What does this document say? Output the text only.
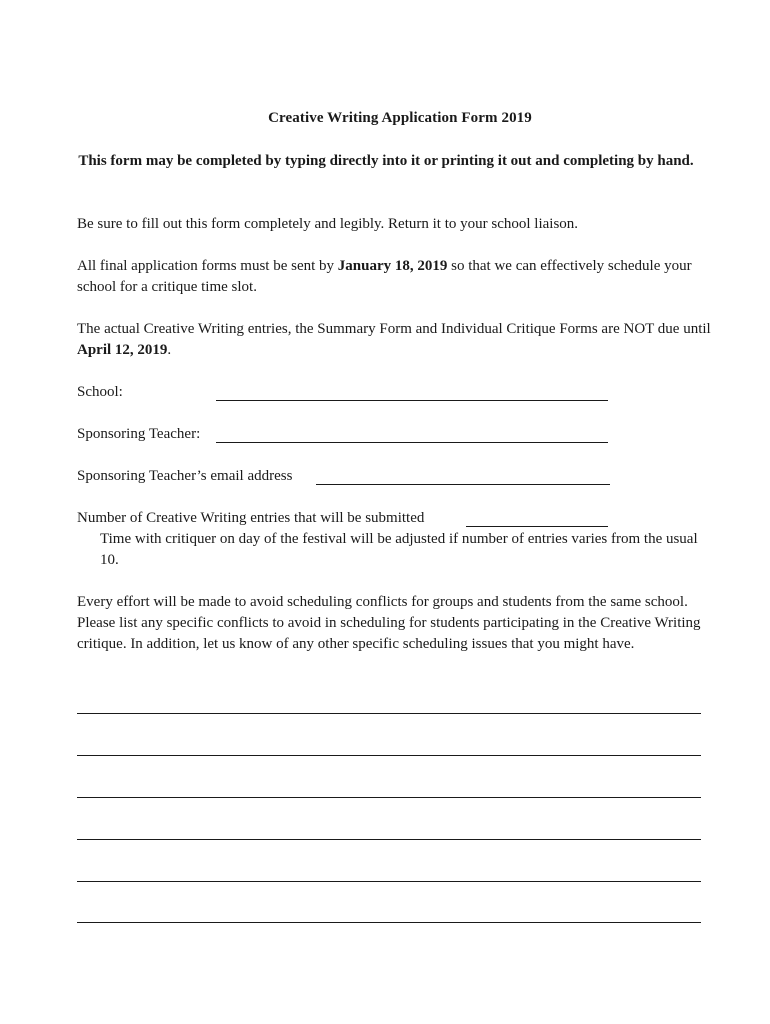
Creative Writing Application Form 2019
This form may be completed by typing directly into it or printing it out and completing by hand.
Be sure to fill out this form completely and legibly. Return it to your school liaison.
All final application forms must be sent by January 18, 2019 so that we can effectively schedule your school for a critique time slot.
The actual Creative Writing entries, the Summary Form and Individual Critique Forms are NOT due until April 12, 2019.
School:
Sponsoring Teacher:
Sponsoring Teacher’s email address
Number of Creative Writing entries that will be submitted
Time with critiquer on day of the festival will be adjusted if number of entries varies from the usual 10.
Every effort will be made to avoid scheduling conflicts for groups and students from the same school. Please list any specific conflicts to avoid in scheduling for students participating in the Creative Writing critique. In addition, let us know of any other specific scheduling issues that you might have.
